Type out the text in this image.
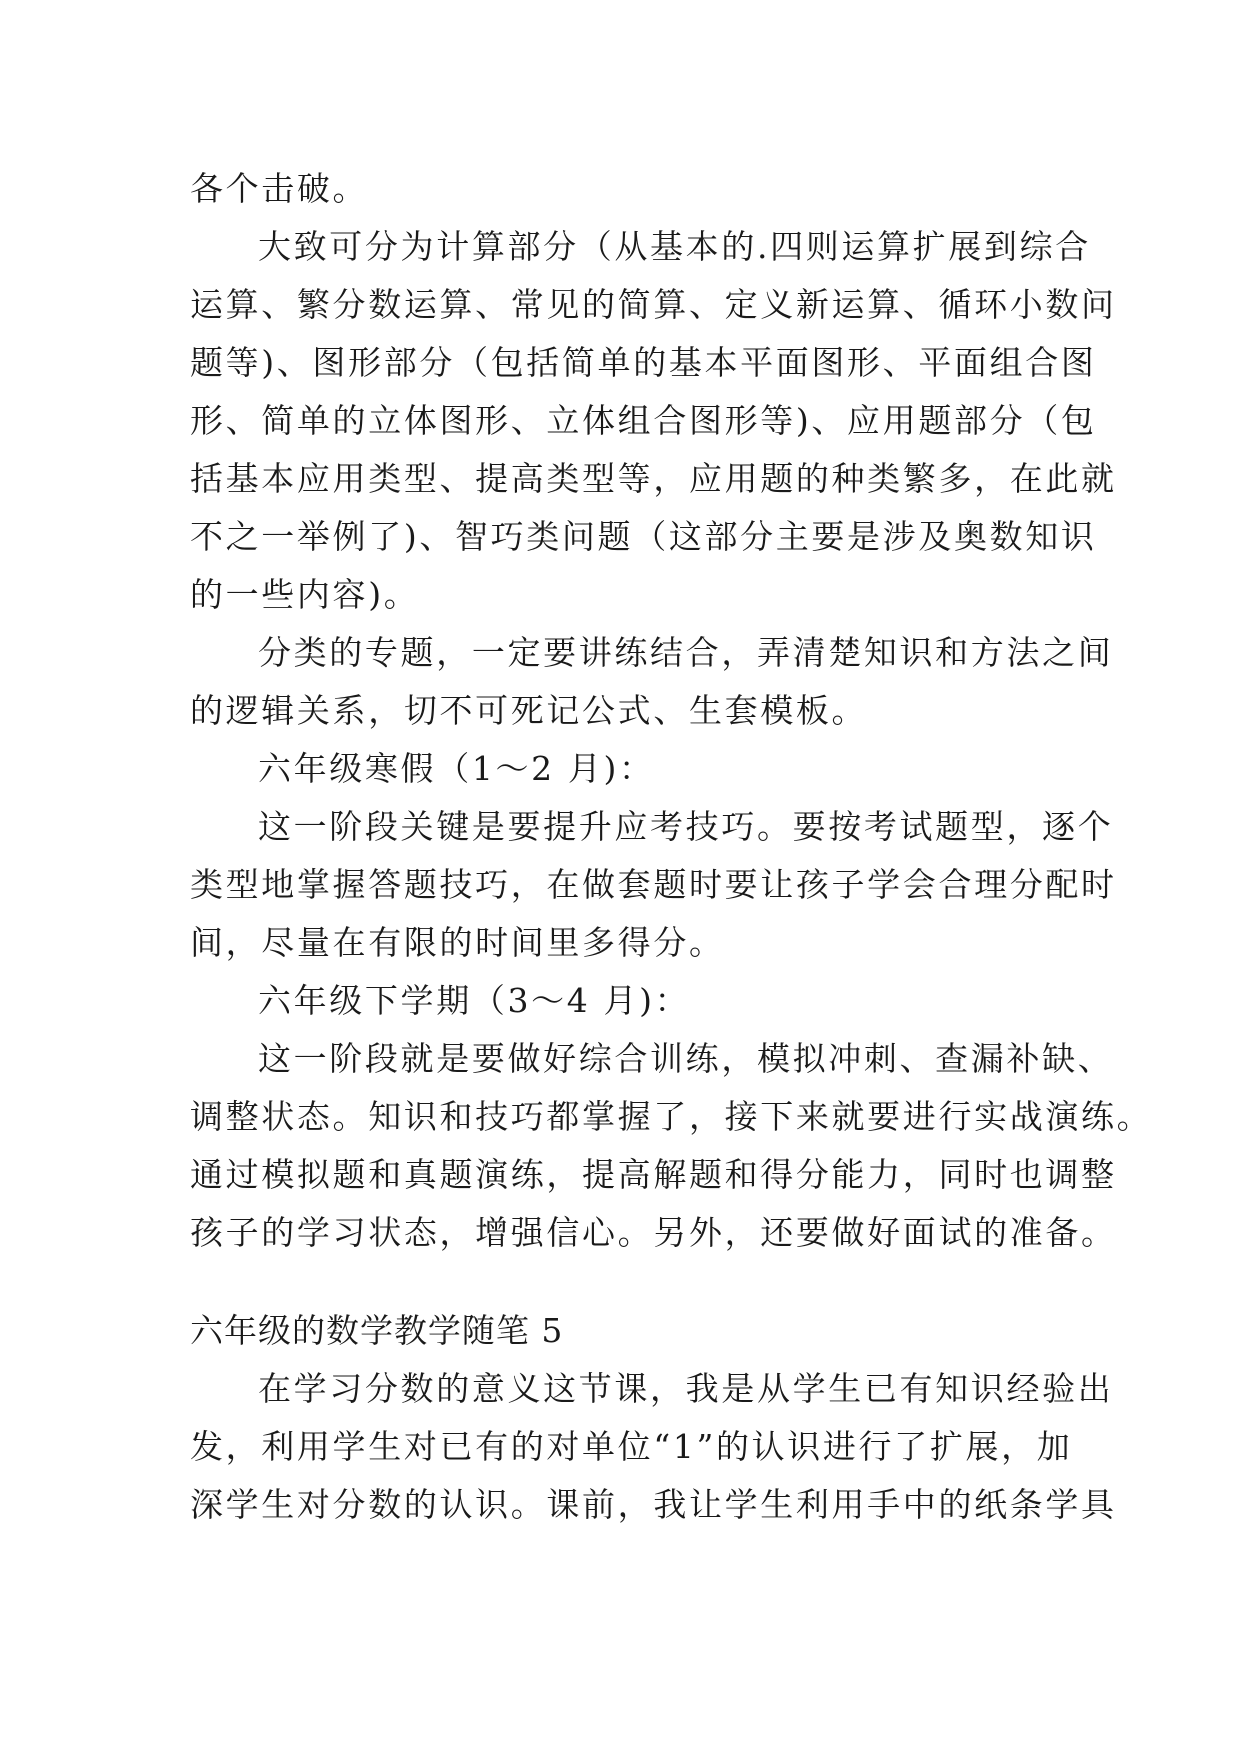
各个击破。
大致可分为计算部分（从基本的.四则运算扩展到综合
运算、繁分数运算、常见的简算、定义新运算、循环小数问
题等)、图形部分（包括简单的基本平面图形、平面组合图
形、简单的立体图形、立体组合图形等)、应用题部分（包
括基本应用类型、提高类型等，应用题的种类繁多，在此就
不之一举例了)、智巧类问题（这部分主要是涉及奥数知识
的一些内容)。
分类的专题，一定要讲练结合，弄清楚知识和方法之间
的逻辑关系，切不可死记公式、生套模板。
六年级寒假（1～2 月)：
这一阶段关键是要提升应考技巧。要按考试题型，逐个
类型地掌握答题技巧，在做套题时要让孩子学会合理分配时
间，尽量在有限的时间里多得分。
六年级下学期（3～4 月)：
这一阶段就是要做好综合训练，模拟冲刺、查漏补缺、
调整状态。知识和技巧都掌握了，接下来就要进行实战演练。
通过模拟题和真题演练，提高解题和得分能力，同时也调整
孩子的学习状态，增强信心。另外，还要做好面试的准备。
六年级的数学教学随笔 5
在学习分数的意义这节课，我是从学生已有知识经验出
发，利用学生对已有的对单位“1”的认识进行了扩展，加
深学生对分数的认识。课前，我让学生利用手中的纸条学具
